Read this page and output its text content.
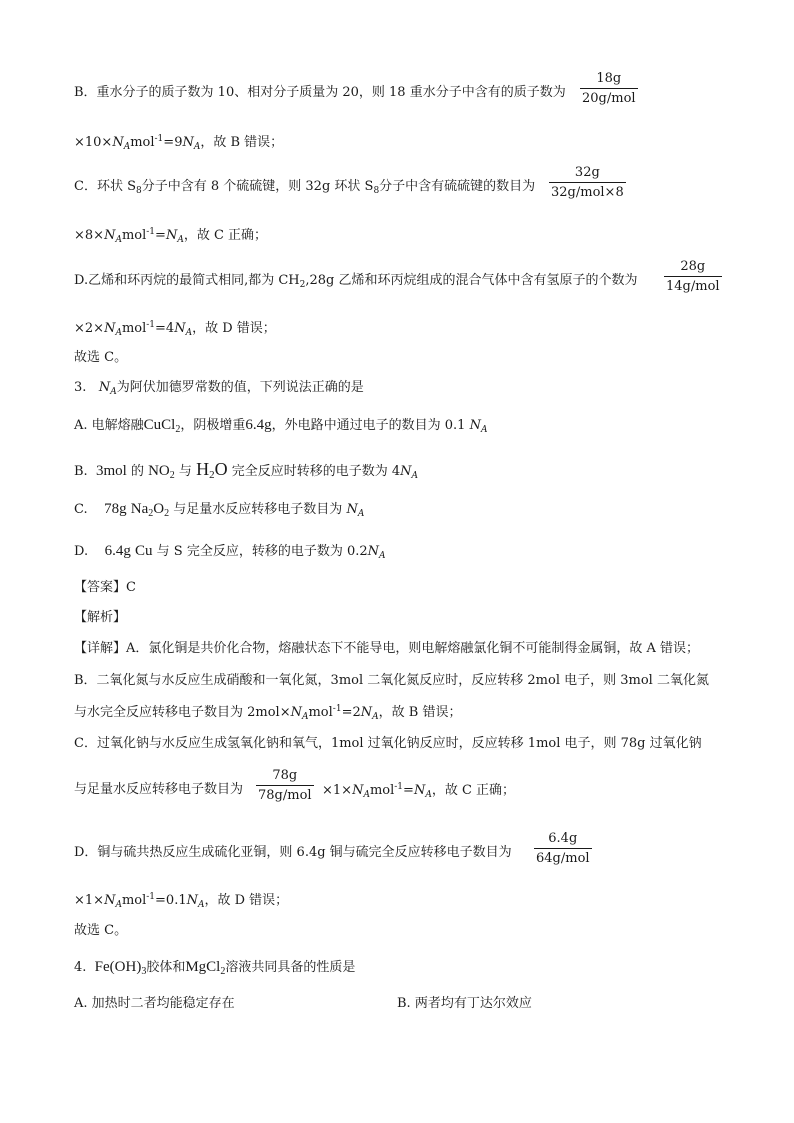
B．重水分子的质子数为 10、相对分子质量为 20，则 18 重水分子中含有的质子数为
18g
20g/mol
$\times 10\times N_Amol^{-1}=9N_A$，故 B 错误；
C．环状 $S_8$分子中含有 8 个硫硫键，则 32g 环状 $S_8$分子中含有硫硫键的数目为
32g
32g/mol×8
$\times 8\times N_Amol^{-1}=N_A$，故 C 正确；
D.乙烯和环丙烷的最简式相同,都为 $CH_2,28g$ 乙烯和环丙烷组成的混合气体中含有氢原子的个数为
28g
14g/mol
$\times 2\times N_Amol^{-1}=4N_A$，故 D 错误；
故选 C。
3. $N_A$为阿伏加德罗常数的值，下列说法正确的是
A. 电解熔融CuCl$_2$，阴极增重6.4g，外电路中通过电子的数目为 0.1 $N_A$
B. 3mol 的 $NO_2$ 与 $H_2O$ 完全反应时转移的电子数为 $4N_A$
C. 78g $Na_2O_2$ 与足量水反应转移电子数目为 $N_A$
D. 6.4g Cu 与 S 完全反应，转移的电子数为 $0.2N_A$
【答案】C
【解析】
【详解】A．氯化铜是共价化合物，熔融状态下不能导电，则电解熔融氯化铜不可能制得金属铜，故 A 错误；
B．二氧化氮与水反应生成硝酸和一氧化氮，3mol 二氧化氮反应时，反应转移 2mol 电子，则 3mol 二氧化氮
与水完全反应转移电子数目为 $2mol\times N_Amol^{-1}=2N_A$，故 B 错误；
C．过氧化钠与水反应生成氢氧化钠和氧气，1mol 过氧化钠反应时，反应转移 1mol 电子，则 78g 过氧化钠
与足量水反应转移电子数目为
78g
$78g/mol \times 1\times N_Amol^{-1}=N_A$，故 C 正确；
D．铜与硫共热反应生成硫化亚铜，则 6.4g 铜与硫完全反应转移电子数目为
6.4g
64g/mol
$\times 1\times N_Amol^{-1}=0.1N_A$，故 D 错误；
故选 C。
4. $Fe(OH)_3$胶体和MgCl$_2$溶液共同具备的性质是
A. 加热时二者均能稳定存在	B. 两者均有丁达尔效应
